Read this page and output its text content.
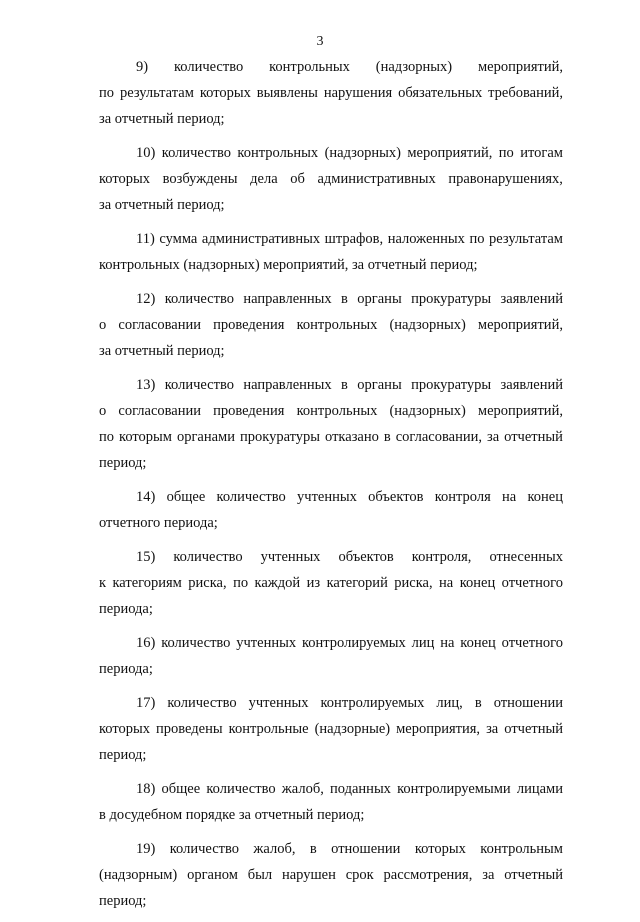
3
9) количество контрольных (надзорных) мероприятий,
по результатам которых выявлены нарушения обязательных требований,
за отчетный период;
10) количество контрольных (надзорных) мероприятий, по итогам
которых возбуждены дела об административных правонарушениях,
за отчетный период;
11) сумма административных штрафов, наложенных по результатам
контрольных (надзорных) мероприятий, за отчетный период;
12) количество направленных в органы прокуратуры заявлений
о согласовании проведения контрольных (надзорных) мероприятий,
за отчетный период;
13) количество направленных в органы прокуратуры заявлений
о согласовании проведения контрольных (надзорных) мероприятий,
по которым органами прокуратуры отказано в согласовании, за отчетный
период;
14) общее количество учтенных объектов контроля на конец
отчетного периода;
15) количество учтенных объектов контроля, отнесенных
к категориям риска, по каждой из категорий риска, на конец отчетного
периода;
16) количество учтенных контролируемых лиц на конец отчетного
периода;
17) количество учтенных контролируемых лиц, в отношении
которых проведены контрольные (надзорные) мероприятия, за отчетный
период;
18) общее количество жалоб, поданных контролируемыми лицами
в досудебном порядке за отчетный период;
19) количество жалоб, в отношении которых контрольным
(надзорным) органом был нарушен срок рассмотрения, за отчетный
период;
